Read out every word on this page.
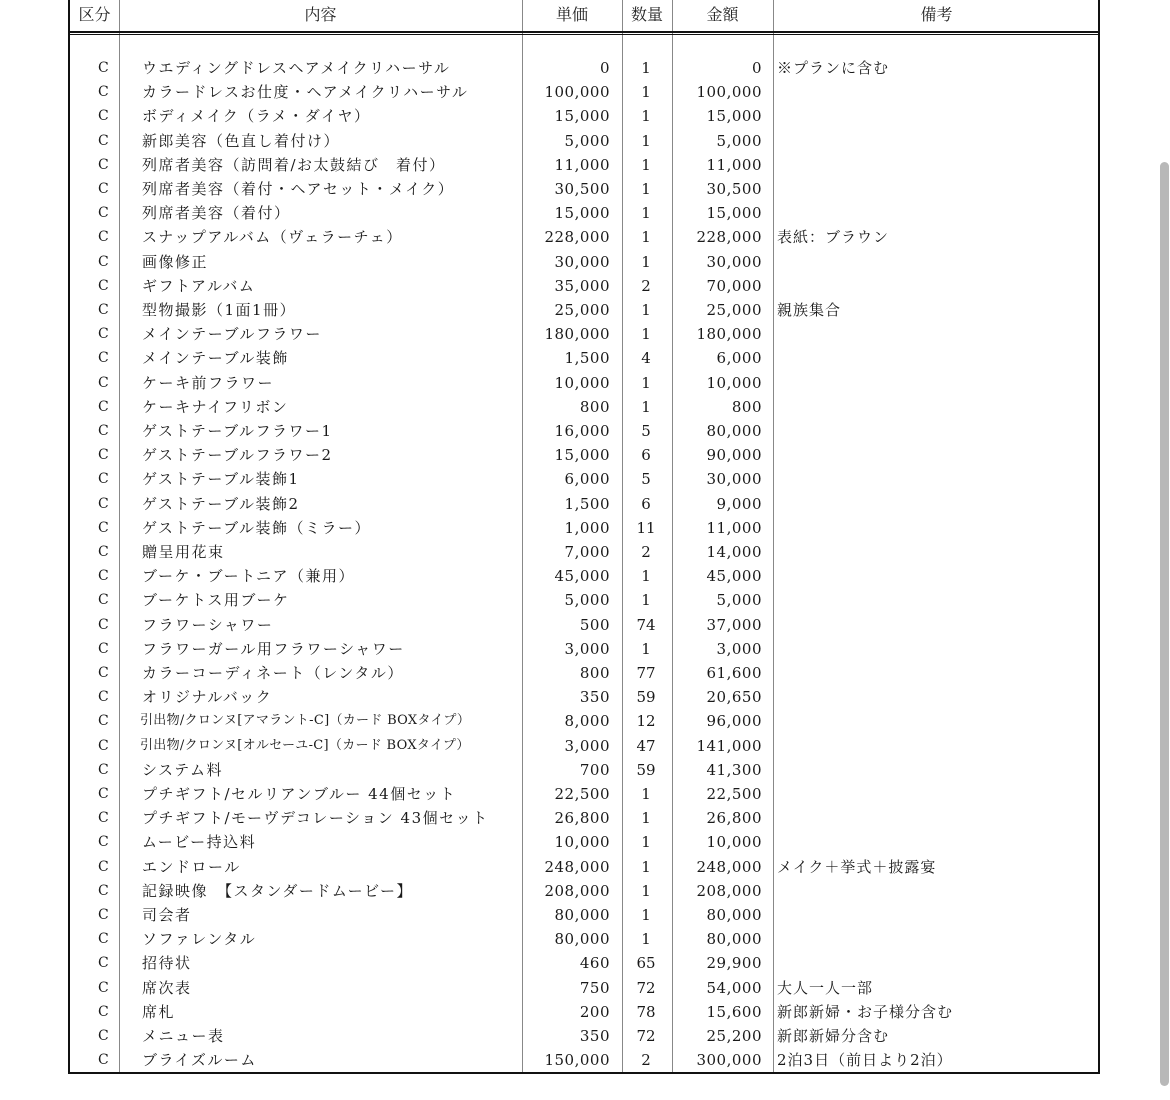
区分	内容	単価	数量	金額	備考
C	ウエディングドレスヘアメイクリハーサル	0	1	0 ※プランに含む
C	カラードレスお仕度・ヘアメイクリハーサル	100,000	1	100,000
C	ボディメイク（ラメ・ダイヤ）	15,000	1	15,000
C	新郎美容（色直し着付け）	5,000	1	5,000
C	列席者美容（訪問着/お太鼓結び　着付）	11,000	1	11,000
C	列席者美容（着付・ヘアセット・メイク）	30,500	1	30,500
C	列席者美容（着付）	15,000	1	15,000
C	スナップアルバム（ヴェラーチェ）	228,000	1	228,000 表紙：ブラウン
C	画像修正	30,000	1	30,000
C	ギフトアルバム	35,000	2	70,000
C	型物撮影（1面1冊）	25,000	1	25,000 親族集合
C	メインテーブルフラワー	180,000	1	180,000
C	メインテーブル装飾	1,500	4	6,000
C	ケーキ前フラワー	10,000	1	10,000
C	ケーキナイフリボン	800	1	800
C	ゲストテーブルフラワー1	16,000	5	80,000
C	ゲストテーブルフラワー2	15,000	6	90,000
C	ゲストテーブル装飾1	6,000	5	30,000
C	ゲストテーブル装飾2	1,500	6	9,000
C	ゲストテーブル装飾（ミラー）	1,000	11	11,000
C	贈呈用花束	7,000	2	14,000
C	ブーケ・ブートニア（兼用）	45,000	1	45,000
C	ブーケトス用ブーケ	5,000	1	5,000
C	フラワーシャワー	500	74	37,000
C	フラワーガール用フラワーシャワー	3,000	1	3,000
C	カラーコーディネート（レンタル）	800	77	61,600
C	オリジナルバック	350	59	20,650
C	引出物/クロンヌ[アマラント-C]（カード BOXタイプ）	8,000	12	96,000
C	引出物/クロンヌ[オルセーユ-C]（カード BOXタイプ）	3,000	47	141,000
C	システム料	700	59	41,300
C	プチギフト/セルリアンブルー 44個セット	22,500	1	22,500
C	プチギフト/モーヴデコレーション 43個セット	26,800	1	26,800
C	ムービー持込料	10,000	1	10,000
C	エンドロール	248,000	1	248,000 メイク＋挙式＋披露宴
C	記録映像　【スタンダードムービー】	208,000	1	208,000
C	司会者	80,000	1	80,000
C	ソファレンタル	80,000	1	80,000
C	招待状	460	65	29,900
C	席次表	750	72	54,000 大人一人一部
C	席札	200	78	15,600 新郎新婦・お子様分含む
C	メニュー表	350	72	25,200 新郎新婦分含む
C	ブライズルーム	150,000	2	300,000 2泊3日（前日より2泊）
